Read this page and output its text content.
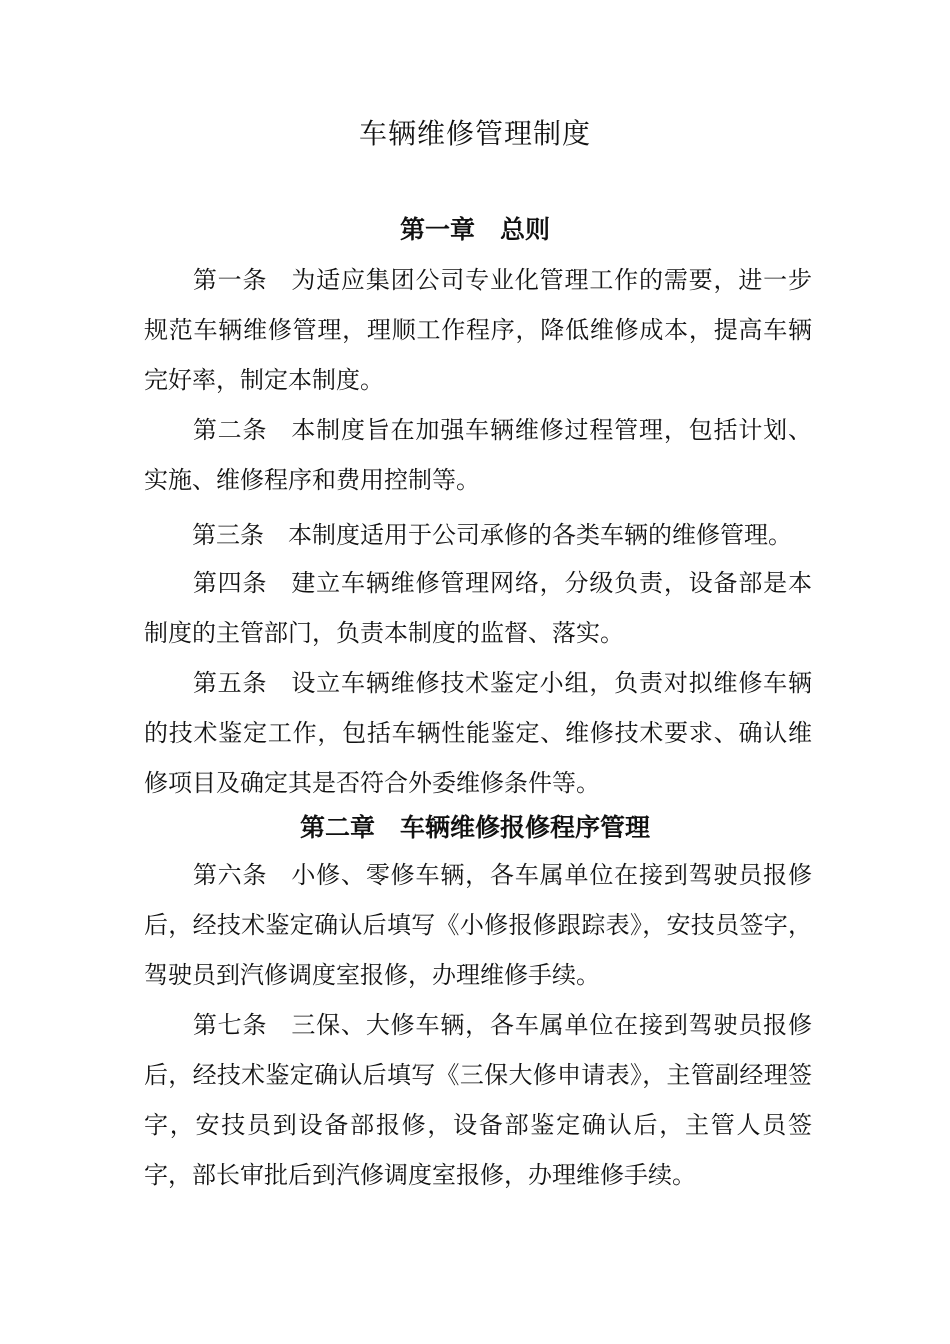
车辆维修管理制度
第一章　总则
第一条 为适应集团公司专业化管理工作的需要，进一步规范车辆维修管理，理顺工作程序，降低维修成本，提高车辆完好率，制定本制度。
第二条 本制度旨在加强车辆维修过程管理，包括计划、实施、维修程序和费用控制等。
第三条 本制度适用于公司承修的各类车辆的维修管理。
第四条 建立车辆维修管理网络，分级负责，设备部是本制度的主管部门，负责本制度的监督、落实。
第五条 设立车辆维修技术鉴定小组，负责对拟维修车辆的技术鉴定工作，包括车辆性能鉴定、维修技术要求、确认维修项目及确定其是否符合外委维修条件等。
第二章　车辆维修报修程序管理
第六条 小修、零修车辆，各车属单位在接到驾驶员报修后，经技术鉴定确认后填写《小修报修跟踪表》，安技员签字，驾驶员到汽修调度室报修，办理维修手续。
第七条 三保、大修车辆，各车属单位在接到驾驶员报修后，经技术鉴定确认后填写《三保大修申请表》，主管副经理签字，安技员到设备部报修，设备部鉴定确认后，主管人员签字，部长审批后到汽修调度室报修，办理维修手续。
